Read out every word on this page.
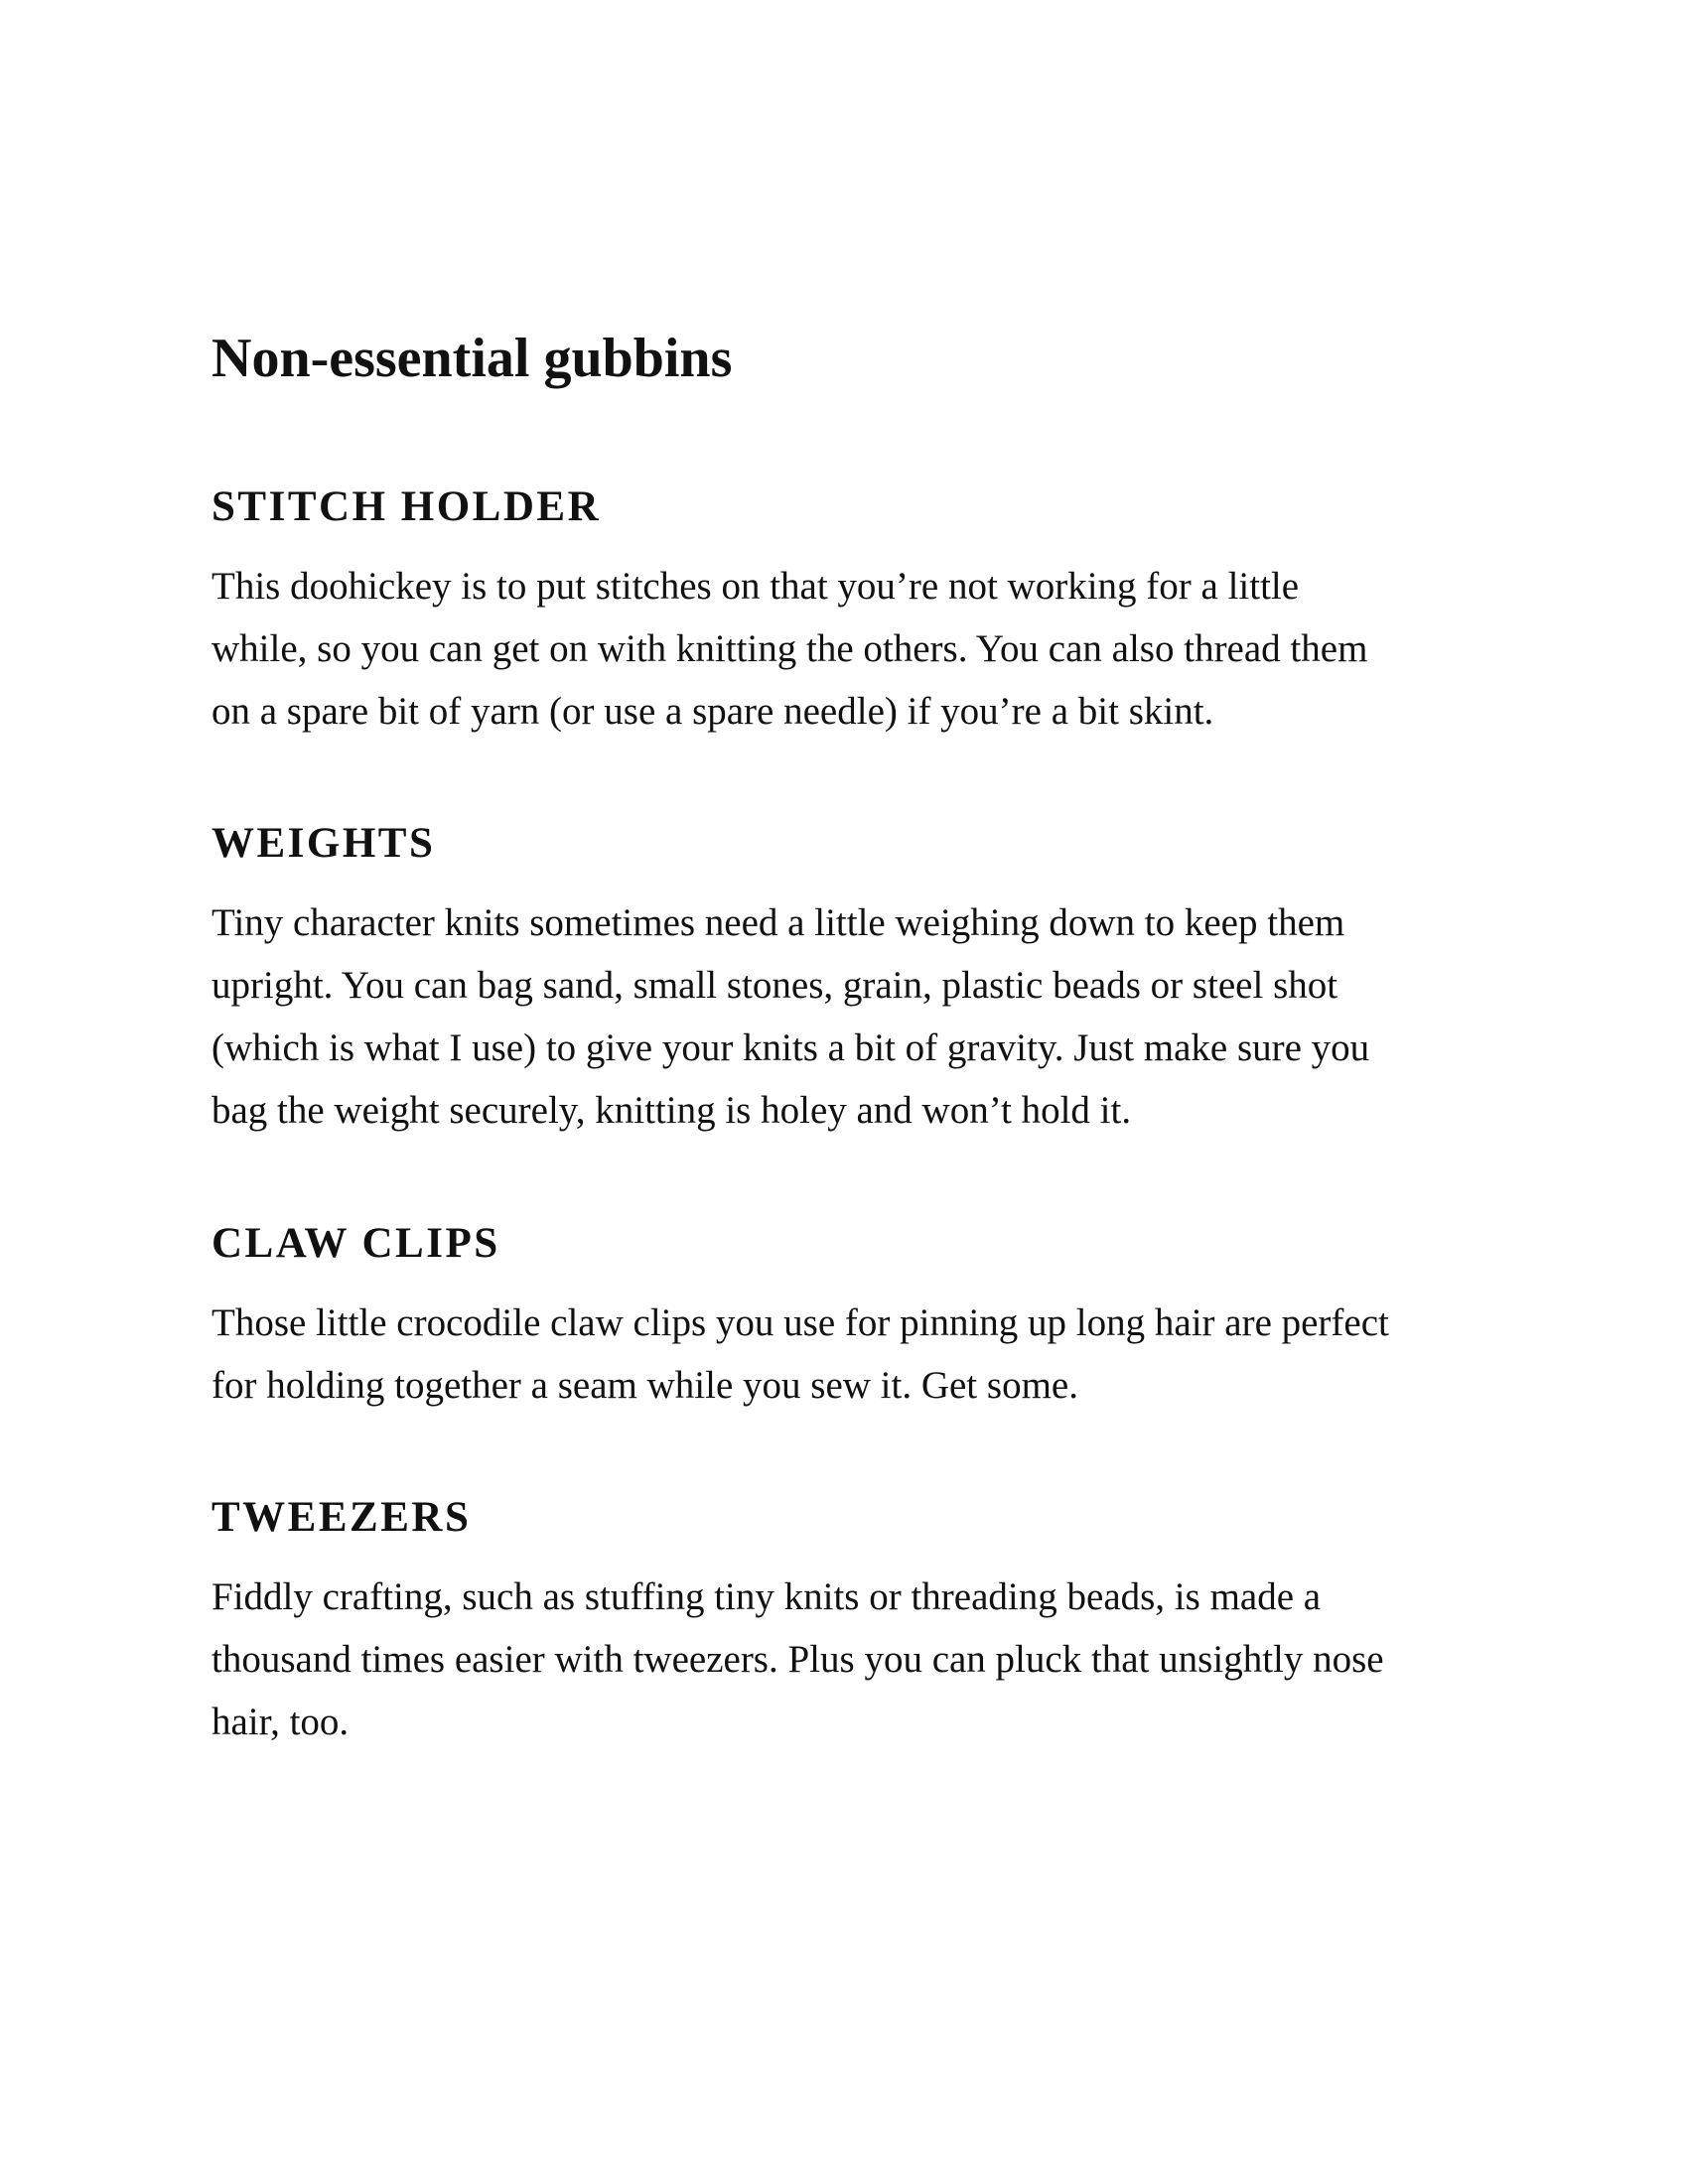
Non-essential gubbins
STITCH HOLDER

This doohickey is to put stitches on that you’re not working for a little
while, so you can get on with knitting the others. You can also thread them
on a spare bit of yarn (or use a spare needle) if you’re a bit skint.

WEIGHTS

Tiny character knits sometimes need a little weighing down to keep them
upright. You can bag sand, small stones, grain, plastic beads or steel shot
(which is what I use) to give your knits a bit of gravity. Just make sure you
bag the weight securely, knitting is holey and won’t hold it.

CLAW CLIPS

Those little crocodile claw clips you use for pinning up long hair are perfect
for holding together a seam while you sew it. Get some.

TWEEZERS

Fiddly crafting, such as stuffing tiny knits or threading beads, is made a
thousand times easier with tweezers. Plus you can pluck that unsightly nose
hair, too.
